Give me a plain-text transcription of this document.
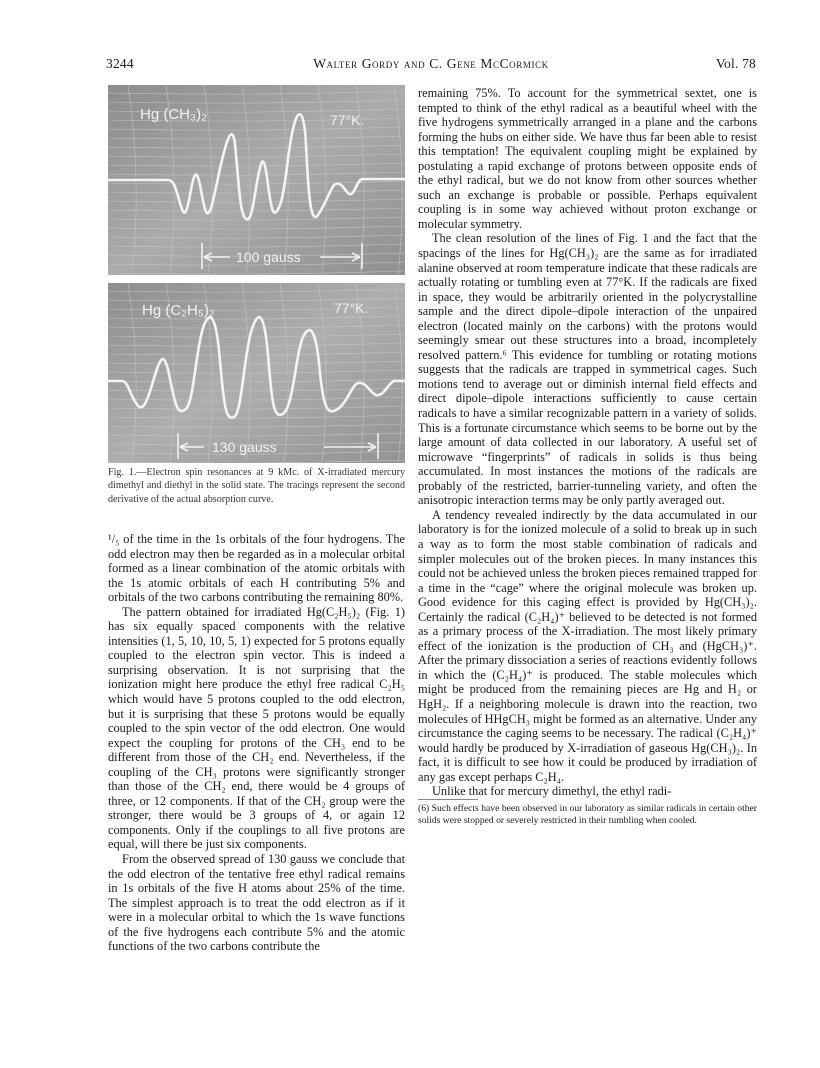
3244	Walter Gordy and C. Gene McCormick	Vol. 78
Hg (CH₃)₂	77°K.
100 gauss
Hg (C₂H₅)₂	77°K.
130 gauss
Fig. 1.—Electron spin resonances at 9 kMc. of X-irradiated mercury dimethyl and diethyl in the solid state. The tracings represent the second derivative of the actual absorption curve.

¹/₅ of the time in the 1s orbitals of the four hydrogens. The odd electron may then be regarded as in a molecular orbital formed as a linear combination of the atomic orbitals with the 1s atomic orbitals of each H contributing 5% and orbitals of the two carbons contributing the remaining 80%.

The pattern obtained for irradiated Hg(C₂H₅)₂ (Fig. 1) has six equally spaced components with the relative intensities (1, 5, 10, 10, 5, 1) expected for 5 protons equally coupled to the electron spin vector. This is indeed a surprising observation. It is not surprising that the ionization might here produce the ethyl free radical C₂H₅ which would have 5 protons coupled to the odd electron, but it is surprising that these 5 protons would be equally coupled to the spin vector of the odd electron. One would expect the coupling for protons of the CH₃ end to be different from those of the CH₂ end. Nevertheless, if the coupling of the CH₃ protons were significantly stronger than those of the CH₂ end, there would be 4 groups of three, or 12 components. If that of the CH₂ group were the stronger, there would be 3 groups of 4, or again 12 components. Only if the couplings to all five protons are equal, will there be just six components.

From the observed spread of 130 gauss we conclude that the odd electron of the tentative free ethyl radical remains in 1s orbitals of the five H atoms about 25% of the time. The simplest approach is to treat the odd electron as if it were in a molecular orbital to which the 1s wave functions of the five hydrogens each contribute 5% and the atomic functions of the two carbons contribute the

remaining 75%. To account for the symmetrical sextet, one is tempted to think of the ethyl radical as a beautiful wheel with the five hydrogens symmetrically arranged in a plane and the carbons forming the hubs on either side. We have thus far been able to resist this temptation! The equivalent coupling might be explained by postulating a rapid exchange of protons between opposite ends of the ethyl radical, but we do not know from other sources whether such an exchange is probable or possible. Perhaps equivalent coupling is in some way achieved without proton exchange or molecular symmetry.

The clean resolution of the lines of Fig. 1 and the fact that the spacings of the lines for Hg(CH₃)₂ are the same as for irradiated alanine observed at room temperature indicate that these radicals are actually rotating or tumbling even at 77°K. If the radicals are fixed in space, they would be arbitrarily oriented in the polycrystalline sample and the direct dipole–dipole interaction of the unpaired electron (located mainly on the carbons) with the protons would seemingly smear out these structures into a broad, incompletely resolved pattern.⁶ This evidence for tumbling or rotating motions suggests that the radicals are trapped in symmetrical cages. Such motions tend to average out or diminish internal field effects and direct dipole–dipole interactions sufficiently to cause certain radicals to have a similar recognizable pattern in a variety of solids. This is a fortunate circumstance which seems to be borne out by the large amount of data collected in our laboratory. A useful set of microwave “fingerprints” of radicals in solids is thus being accumulated. In most instances the motions of the radicals are probably of the restricted, barrier-tunneling variety, and often the anisotropic interaction terms may be only partly averaged out.

A tendency revealed indirectly by the data accumulated in our laboratory is for the ionized molecule of a solid to break up in such a way as to form the most stable combination of radicals and simpler molecules out of the broken pieces. In many instances this could not be achieved unless the broken pieces remained trapped for a time in the “cage” where the original molecule was broken up. Good evidence for this caging effect is provided by Hg(CH₃)₂. Certainly the radical (C₂H₄)⁺ believed to be detected is not formed as a primary process of the X-irradiation. The most likely primary effect of the ionization is the production of CH₃ and (HgCH₃)⁺. After the primary dissociation a series of reactions evidently follows in which the (C₂H₄)⁺ is produced. The stable molecules which might be produced from the remaining pieces are Hg and H₂ or HgH₂. If a neighboring molecule is drawn into the reaction, two molecules of HHgCH₃ might be formed as an alternative. Under any circumstance the caging seems to be necessary. The radical (C₂H₄)⁺ would hardly be produced by X-irradiation of gaseous Hg(CH₃)₂. In fact, it is difficult to see how it could be produced by irradiation of any gas except perhaps C₂H₄.

Unlike that for mercury dimethyl, the ethyl radi-

(6) Such effects have been observed in our laboratory as similar radicals in certain other solids were stopped or severely restricted in their tumbling when cooled.
